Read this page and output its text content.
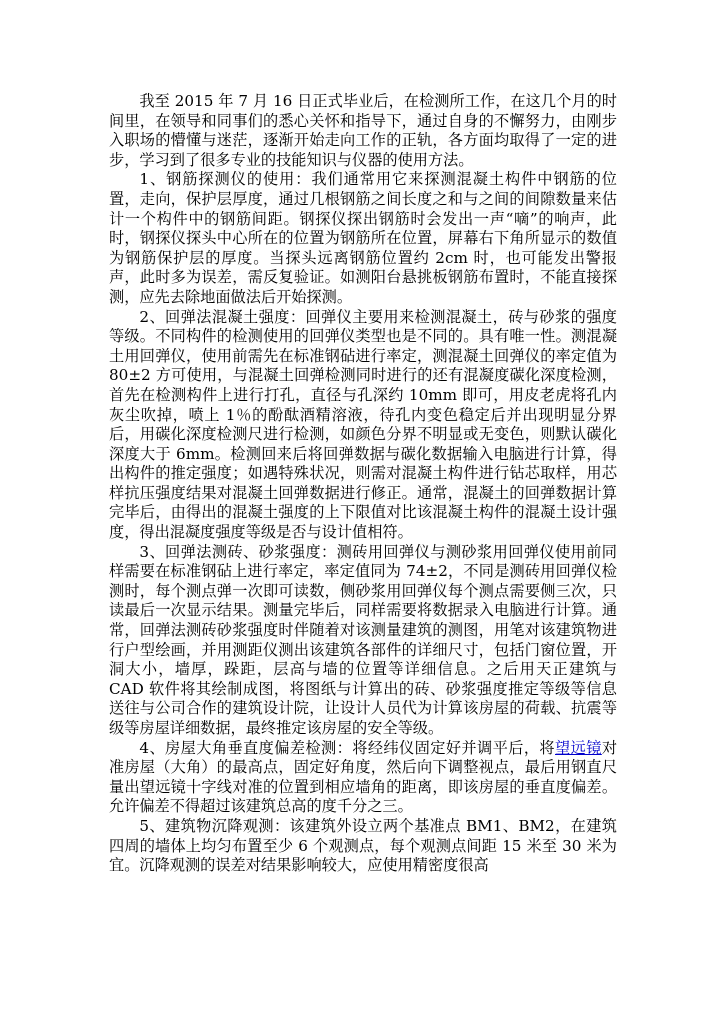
我至 2015 年 7 月 16 日正式毕业后，在检测所工作，在这几个月的时间里，在领导和同事们的悉心关怀和指导下，通过自身的不懈努力，由刚步入职场的懵懂与迷茫，逐渐开始走向工作的正轨，各方面均取得了一定的进步，学习到了很多专业的技能知识与仪器的使用方法。

1、钢筋探测仪的使用：我们通常用它来探测混凝土构件中钢筋的位置，走向，保护层厚度，通过几根钢筋之间长度之和与之间的间隙数量来估计一个构件中的钢筋间距。钢探仪探出钢筋时会发出一声“嘀”的响声，此时，钢探仪探头中心所在的位置为钢筋所在位置，屏幕右下角所显示的数值为钢筋保护层的厚度。当探头远离钢筋位置约 2cm 时，也可能发出警报声，此时多为误差，需反复验证。如测阳台悬挑板钢筋布置时，不能直接探测，应先去除地面做法后开始探测。

2、回弹法混凝土强度：回弹仪主要用来检测混凝土，砖与砂浆的强度等级。不同构件的检测使用的回弹仪类型也是不同的。具有唯一性。测混凝土用回弹仪，使用前需先在标准钢砧进行率定，测混凝土回弹仪的率定值为 80±2 方可使用，与混凝土回弹检测同时进行的还有混凝度碳化深度检测，首先在检测构件上进行打孔，直径与孔深约 10mm 即可，用皮老虎将孔内灰尘吹掉，喷上 1％的酚酞酒精溶液，待孔内变色稳定后并出现明显分界后，用碳化深度检测尺进行检测，如颜色分界不明显或无变色，则默认碳化深度大于 6mm。检测回来后将回弹数据与碳化数据输入电脑进行计算，得出构件的推定强度；如遇特殊状况，则需对混凝土构件进行钻芯取样，用芯样抗压强度结果对混凝土回弹数据进行修正。通常，混凝土的回弹数据计算完毕后，由得出的混凝土强度的上下限值对比该混凝土构件的混凝土设计强度，得出混凝度强度等级是否与设计值相符。

3、回弹法测砖、砂浆强度：测砖用回弹仪与测砂浆用回弹仪使用前同样需要在标准钢砧上进行率定，率定值同为 74±2，不同是测砖用回弹仪检测时，每个测点弹一次即可读数，侧砂浆用回弹仪每个测点需要侧三次，只读最后一次显示结果。测量完毕后，同样需要将数据录入电脑进行计算。通常，回弹法测砖砂浆强度时伴随着对该测量建筑的测图，用笔对该建筑物进行户型绘画，并用测距仪测出该建筑各部件的详细尺寸，包括门窗位置，开洞大小，墙厚，跺距，层高与墙的位置等详细信息。之后用天正建筑与 CAD 软件将其绘制成图，将图纸与计算出的砖、砂浆强度推定等级等信息送往与公司合作的建筑设计院，让设计人员代为计算该房屋的荷载、抗震等级等房屋详细数据，最终推定该房屋的安全等级。

4、房屋大角垂直度偏差检测：将经纬仪固定好并调平后，将望远镜对准房屋（大角）的最高点，固定好角度，然后向下调整视点，最后用钢直尺量出望远镜十字线对准的位置到相应墙角的距离，即该房屋的垂直度偏差。允许偏差不得超过该建筑总高的度千分之三。

5、建筑物沉降观测：该建筑外设立两个基准点 BM1、BM2，在建筑四周的墙体上均匀布置至少 6 个观测点，每个观测点间距 15 米至 30 米为宜。沉降观测的误差对结果影响较大，应使用精密度很高
